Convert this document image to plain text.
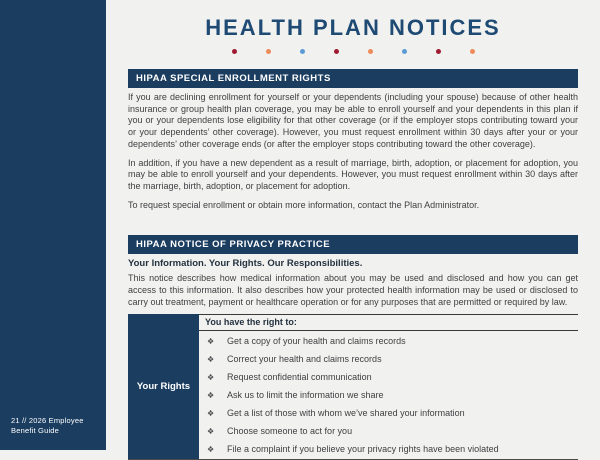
21 // 2026 Employee
Benefit Guide
HEALTH PLAN NOTICES
HIPAA SPECIAL ENROLLMENT RIGHTS

If you are declining enrollment for yourself or your dependents (including your spouse) because of other health insurance or group health plan coverage, you may be able to enroll yourself and your dependents in this plan if you or your dependents lose eligibility for that other coverage (or if the employer stops contributing toward your or your dependents’ other coverage). However, you must request enrollment within 30 days after your or your dependents’ other coverage ends (or after the employer stops contributing toward the other coverage).

In addition, if you have a new dependent as a result of marriage, birth, adoption, or placement for adoption, you may be able to enroll yourself and your dependents. However, you must request enrollment within 30 days after the marriage, birth, adoption, or placement for adoption.

To request special enrollment or obtain more information, contact the Plan Administrator.

HIPAA NOTICE OF PRIVACY PRACTICE
Your Information. Your Rights. Our Responsibilities.

This notice describes how medical information about you may be used and disclosed and how you can get access to this information. It also describes how your protected health information may be used or disclosed to carry out treatment, payment or healthcare operation or for any purposes that are permitted or required by law.

Your Rights
You have the right to:
❖	Get a copy of your health and claims records
❖	Correct your health and claims records
❖	Request confidential communication
❖	Ask us to limit the information we share
❖	Get a list of those with whom we’ve shared your information
❖	Choose someone to act for you
❖	File a complaint if you believe your privacy rights have been violated
